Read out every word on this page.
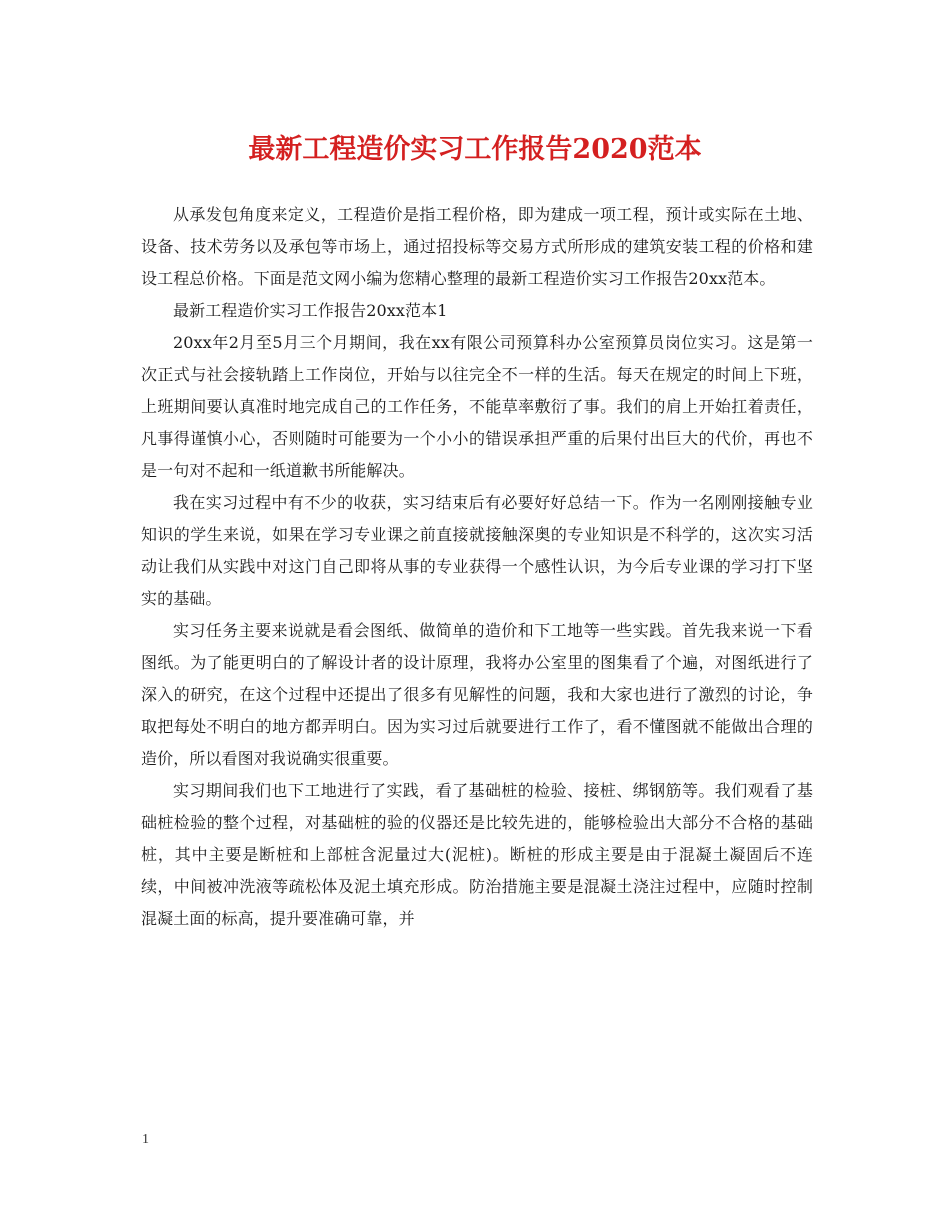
最新工程造价实习工作报告2020范本

从承发包角度来定义，工程造价是指工程价格，即为建成一项工程，预计或实际在土地、设备、技术劳务以及承包等市场上，通过招投标等交易方式所形成的建筑安装工程的价格和建设工程总价格。下面是范文网小编为您精心整理的最新工程造价实习工作报告20xx范本。

最新工程造价实习工作报告20xx范本1

20xx年2月至5月三个月期间，我在xx有限公司预算科办公室预算员岗位实习。这是第一次正式与社会接轨踏上工作岗位，开始与以往完全不一样的生活。每天在规定的时间上下班，上班期间要认真准时地完成自己的工作任务，不能草率敷衍了事。我们的肩上开始扛着责任，凡事得谨慎小心，否则随时可能要为一个小小的错误承担严重的后果付出巨大的代价，再也不是一句对不起和一纸道歉书所能解决。

我在实习过程中有不少的收获，实习结束后有必要好好总结一下。作为一名刚刚接触专业知识的学生来说，如果在学习专业课之前直接就接触深奥的专业知识是不科学的，这次实习活动让我们从实践中对这门自己即将从事的专业获得一个感性认识，为今后专业课的学习打下坚实的基础。

实习任务主要来说就是看会图纸、做简单的造价和下工地等一些实践。首先我来说一下看图纸。为了能更明白的了解设计者的设计原理，我将办公室里的图集看了个遍，对图纸进行了深入的研究，在这个过程中还提出了很多有见解性的问题，我和大家也进行了激烈的讨论，争取把每处不明白的地方都弄明白。因为实习过后就要进行工作了，看不懂图就不能做出合理的造价，所以看图对我说确实很重要。

实习期间我们也下工地进行了实践，看了基础桩的检验、接桩、绑钢筋等。我们观看了基础桩检验的整个过程，对基础桩的验的仪器还是比较先进的，能够检验出大部分不合格的基础桩，其中主要是断桩和上部桩含泥量过大(泥桩)。断桩的形成主要是由于混凝土凝固后不连续，中间被冲洗液等疏松体及泥土填充形成。防治措施主要是混凝土浇注过程中，应随时控制混凝土面的标高，提升要准确可靠，并

1
